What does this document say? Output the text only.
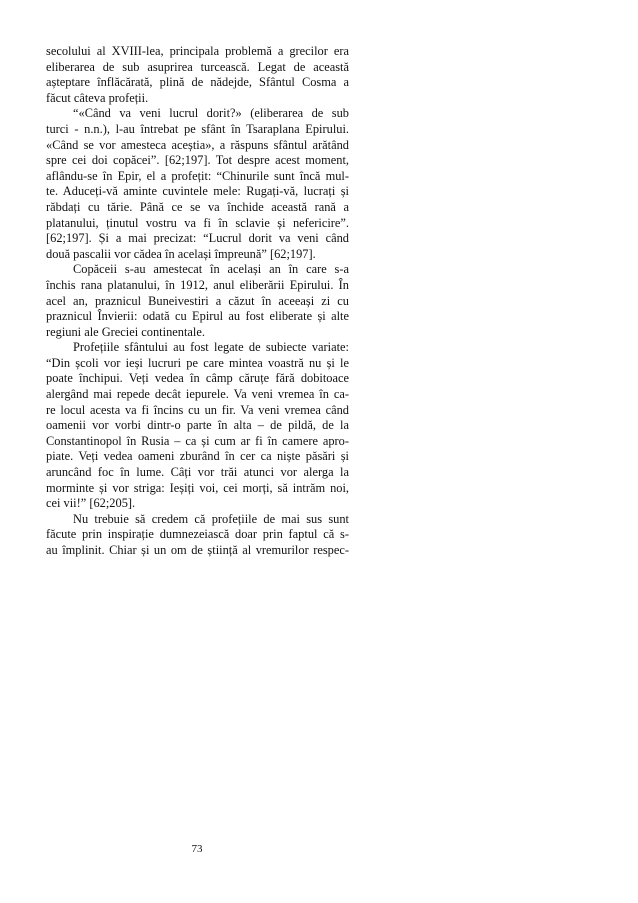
secolului al XVIII-lea, principala problemă a grecilor era
eliberarea de sub asuprirea turcească. Legat de această
așteptare înflăcărată, plină de nădejde, Sfântul Cosma a
făcut câteva profeții.
“«Când va veni lucrul dorit?» (eliberarea de sub
turci - n.n.), l-au întrebat pe sfânt în Tsaraplana Epirului.
«Când se vor amesteca aceștia», a răspuns sfântul arătând
spre cei doi copăcei”. [62;197]. Tot despre acest moment,
aflându-se în Epir, el a profețit: “Chinurile sunt încă mul-
te. Aduceți-vă aminte cuvintele mele: Rugați-vă, lucrați și
răbdați cu tărie. Până ce se va închide această rană a
platanului, ținutul vostru va fi în sclavie și nefericire”.
[62;197]. Și a mai precizat: “Lucrul dorit va veni când
două pascalii vor cădea în același împreună” [62;197].
Copăceii s-au amestecat în același an în care s-a
închis rana platanului, în 1912, anul eliberării Epirului. În
acel an, praznicul Buneivestiri a căzut în aceeași zi cu
praznicul Învierii: odată cu Epirul au fost eliberate și alte
regiuni ale Greciei continentale.
Profețiile sfântului au fost legate de subiecte variate:
“Din școli vor ieși lucruri pe care mintea voastră nu și le
poate închipui. Veți vedea în câmp căruțe fără dobitoace
alergând mai repede decât iepurele. Va veni vremea în ca-
re locul acesta va fi încins cu un fir. Va veni vremea când
oamenii vor vorbi dintr-o parte în alta – de pildă, de la
Constantinopol în Rusia – ca și cum ar fi în camere apro-
piate. Veți vedea oameni zburând în cer ca niște păsări și
aruncând foc în lume. Câți vor trăi atunci vor alerga la
morminte și vor striga: Ieșiți voi, cei morți, să intrăm noi,
cei vii!” [62;205].
Nu trebuie să credem că profețiile de mai sus sunt
făcute prin inspirație dumnezeiască doar prin faptul că s-
au împlinit. Chiar și un om de știință al vremurilor respec-
73
